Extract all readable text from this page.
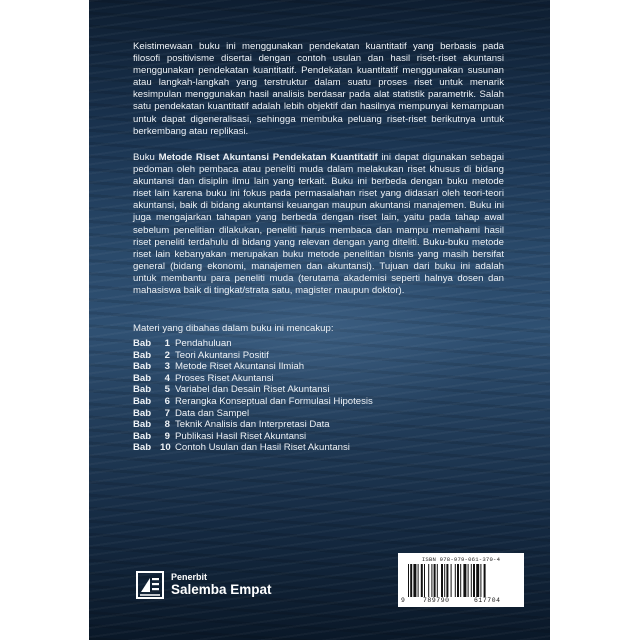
Keistimewaan buku ini menggunakan pendekatan kuantitatif yang berbasis pada filosofi positivisme disertai dengan contoh usulan dan hasil riset-riset akuntansi menggunakan pendekatan kuantitatif. Pendekatan kuantitatif menggunakan susunan atau langkah-langkah yang terstruktur dalam suatu proses riset untuk menarik kesimpulan menggunakan hasil analisis berdasar pada alat statistik parametrik. Salah satu pendekatan kuantitatif adalah lebih objektif dan hasilnya mempunyai kemampuan untuk dapat digeneralisasi, sehingga membuka peluang riset-riset berikutnya untuk berkembang atau replikasi.

Buku Metode Riset Akuntansi Pendekatan Kuantitatif ini dapat digunakan sebagai pedoman oleh pembaca atau peneliti muda dalam melakukan riset khusus di bidang akuntansi dan disiplin ilmu lain yang terkait. Buku ini berbeda dengan buku metode riset lain karena buku ini fokus pada permasalahan riset yang didasari oleh teori-teori akuntansi, baik di bidang akuntansi keuangan maupun akuntansi manajemen. Buku ini juga mengajarkan tahapan yang berbeda dengan riset lain, yaitu pada tahap awal sebelum penelitian dilakukan, peneliti harus membaca dan mampu memahami hasil riset peneliti terdahulu di bidang yang relevan dengan yang diteliti. Buku-buku metode riset lain kebanyakan merupakan buku metode penelitian bisnis yang masih bersifat general (bidang ekonomi, manajemen dan akuntansi). Tujuan dari buku ini adalah untuk membantu para peneliti muda (terutama akademisi seperti halnya dosen dan mahasiswa baik di tingkat/strata satu, magister maupun doktor).

Materi yang dibahas dalam buku ini mencakup:

Bab	1 Pendahuluan
Bab	2 Teori Akuntansi Positif
Bab	3 Metode Riset Akuntansi Ilmiah
Bab	4 Proses Riset Akuntansi
Bab	5 Variabel dan Desain Riset Akuntansi
Bab	6 Rerangka Konseptual dan Formulasi Hipotesis
Bab	7 Data dan Sampel
Bab	8 Teknik Analisis dan Interpretasi Data
Bab	9 Publikasi Hasil Riset Akuntansi
Bab 10 Contoh Usulan dan Hasil Riset Akuntansi
Penerbit
Salemba Empat
ISBN 978-979-061-370-4
9	789790	617704
